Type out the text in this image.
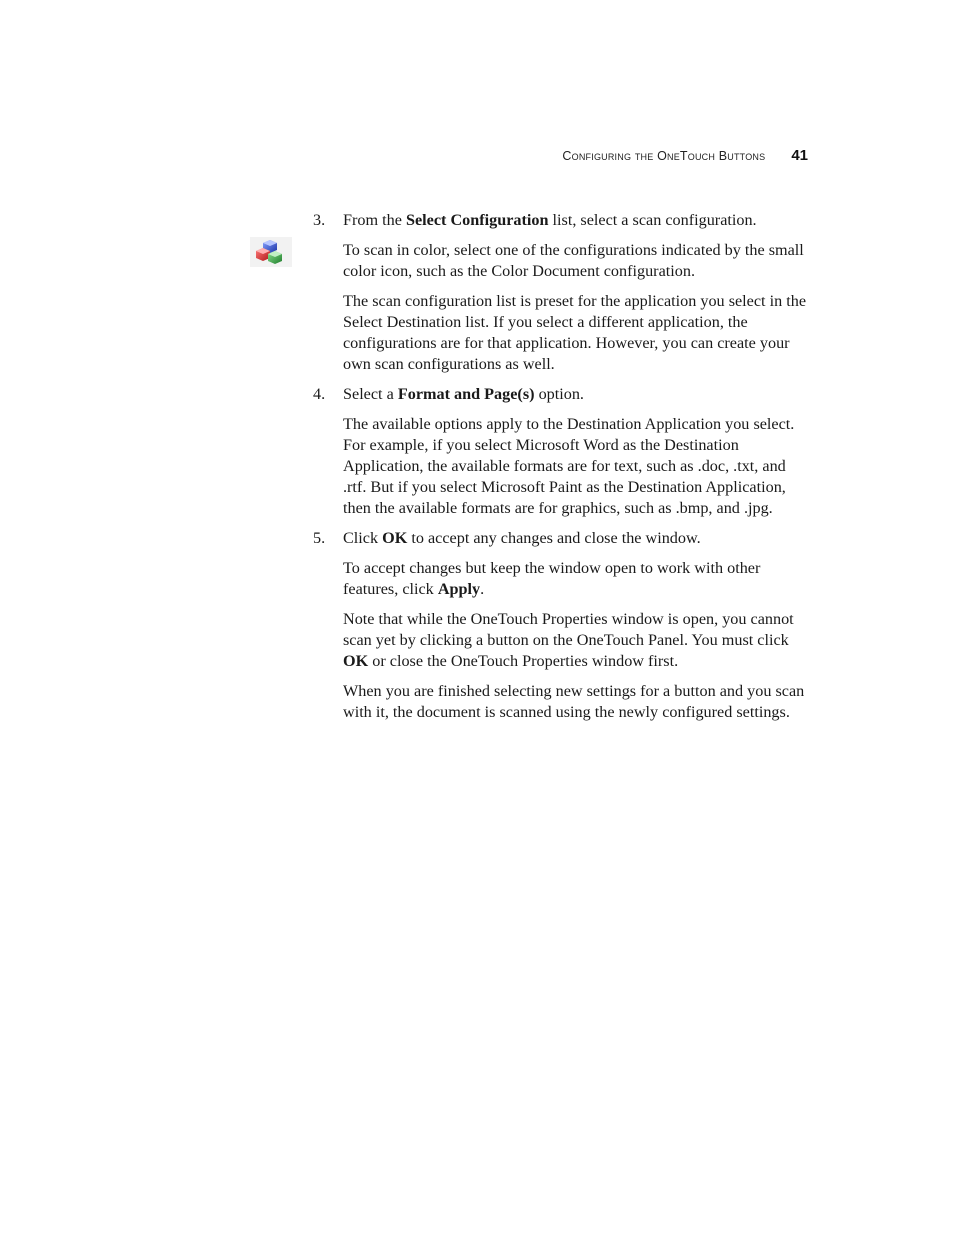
Configuring the OneTouch Buttons 41
3.	From the Select Configuration list, select a scan configuration.

To scan in color, select one of the configurations indicated by the small color icon, such as the Color Document configuration.

The scan configuration list is preset for the application you select in the Select Destination list. If you select a different application, the configurations are for that application. However, you can create your own scan configurations as well.

4.	Select a Format and Page(s) option.

The available options apply to the Destination Application you select. For example, if you select Microsoft Word as the Destination Application, the available formats are for text, such as .doc, .txt, and .rtf. But if you select Microsoft Paint as the Destination Application, then the available formats are for graphics, such as .bmp, and .jpg.

5.	Click OK to accept any changes and close the window.

To accept changes but keep the window open to work with other features, click Apply.

Note that while the OneTouch Properties window is open, you cannot scan yet by clicking a button on the OneTouch Panel. You must click OK or close the OneTouch Properties window first.

When you are finished selecting new settings for a button and you scan with it, the document is scanned using the newly configured settings.
